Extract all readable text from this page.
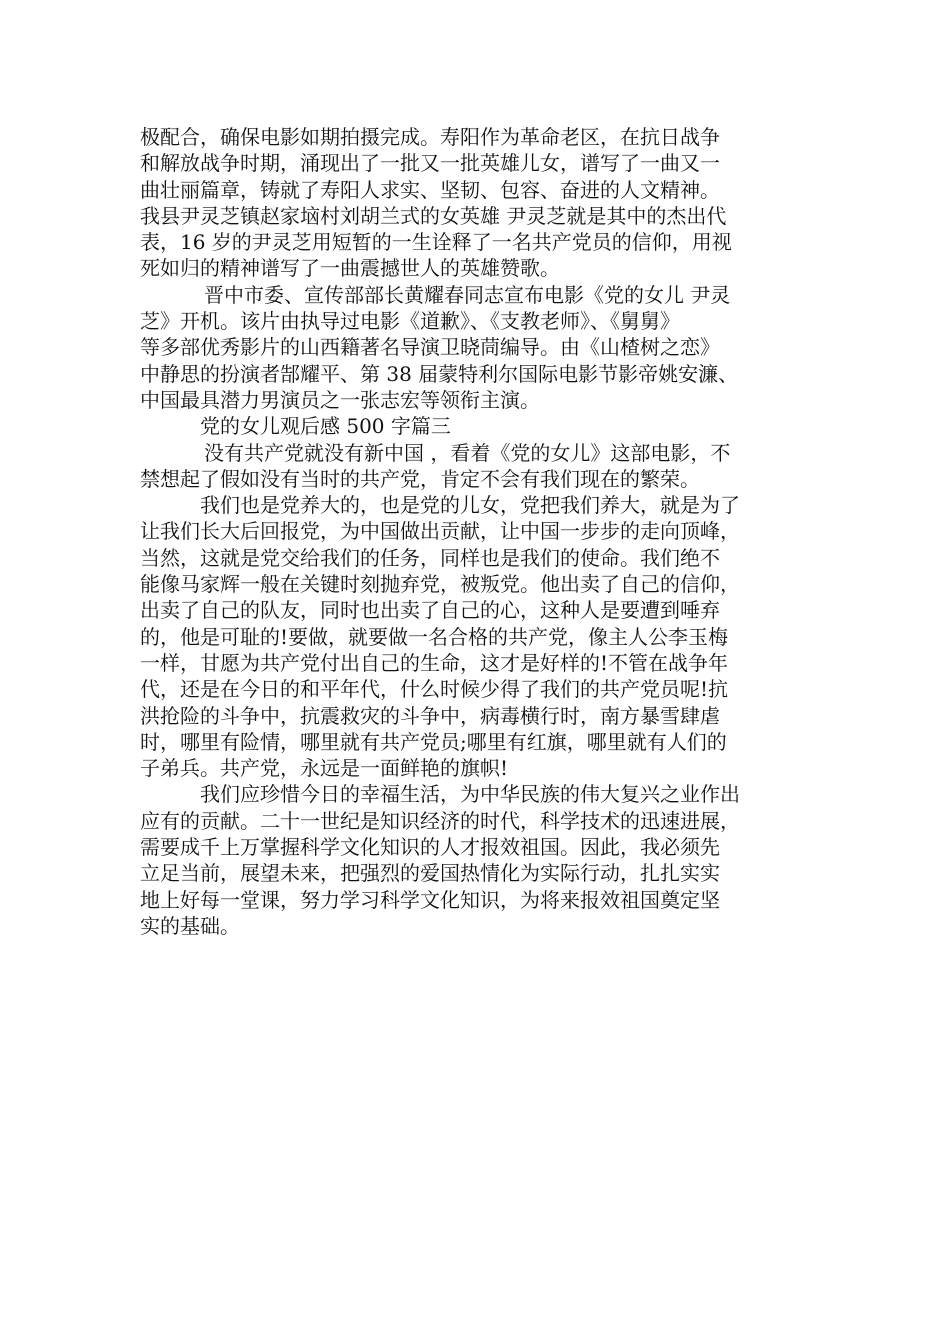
极配合，确保电影如期拍摄完成。寿阳作为革命老区，在抗日战争
和解放战争时期，涌现出了一批又一批英雄儿女，谱写了一曲又一
曲壮丽篇章，铸就了寿阳人求实、坚韧、包容、奋进的人文精神。
我县尹灵芝镇赵家垴村刘胡兰式的女英雄 尹灵芝就是其中的杰出代
表，16 岁的尹灵芝用短暂的一生诠释了一名共产党员的信仰，用视
死如归的精神谱写了一曲震撼世人的英雄赞歌。
晋中市委、宣传部部长黄耀春同志宣布电影《党的女儿 尹灵
芝》开机。该片由执导过电影《道歉》、《支教老师》、《舅舅》
等多部优秀影片的山西籍著名导演卫晓茼编导。由《山楂树之恋》
中静思的扮演者郜耀平、第 38 届蒙特利尔国际电影节影帝姚安濂、
中国最具潜力男演员之一张志宏等领衔主演。
党的女儿观后感 500 字篇三
没有共产党就没有新中国 ，看着《党的女儿》这部电影，不
禁想起了假如没有当时的共产党，肯定不会有我们现在的繁荣。
我们也是党养大的，也是党的儿女，党把我们养大，就是为了
让我们长大后回报党，为中国做出贡献，让中国一步步的走向顶峰，
当然，这就是党交给我们的任务，同样也是我们的使命。我们绝不
能像马家辉一般在关键时刻抛弃党，被叛党。他出卖了自己的信仰，
出卖了自己的队友，同时也出卖了自己的心，这种人是要遭到唾弃
的，他是可耻的!要做，就要做一名合格的共产党，像主人公李玉梅
一样，甘愿为共产党付出自己的生命，这才是好样的!不管在战争年
代，还是在今日的和平年代，什么时候少得了我们的共产党员呢!抗
洪抢险的斗争中，抗震救灾的斗争中，病毒横行时，南方暴雪肆虐
时，哪里有险情，哪里就有共产党员;哪里有红旗，哪里就有人们的
子弟兵。共产党，永远是一面鲜艳的旗帜!
我们应珍惜今日的幸福生活，为中华民族的伟大复兴之业作出
应有的贡献。二十一世纪是知识经济的时代，科学技术的迅速进展，
需要成千上万掌握科学文化知识的人才报效祖国。因此，我必须先
立足当前，展望未来，把强烈的爱国热情化为实际行动，扎扎实实
地上好每一堂课，努力学习科学文化知识，为将来报效祖国奠定坚
实的基础。
